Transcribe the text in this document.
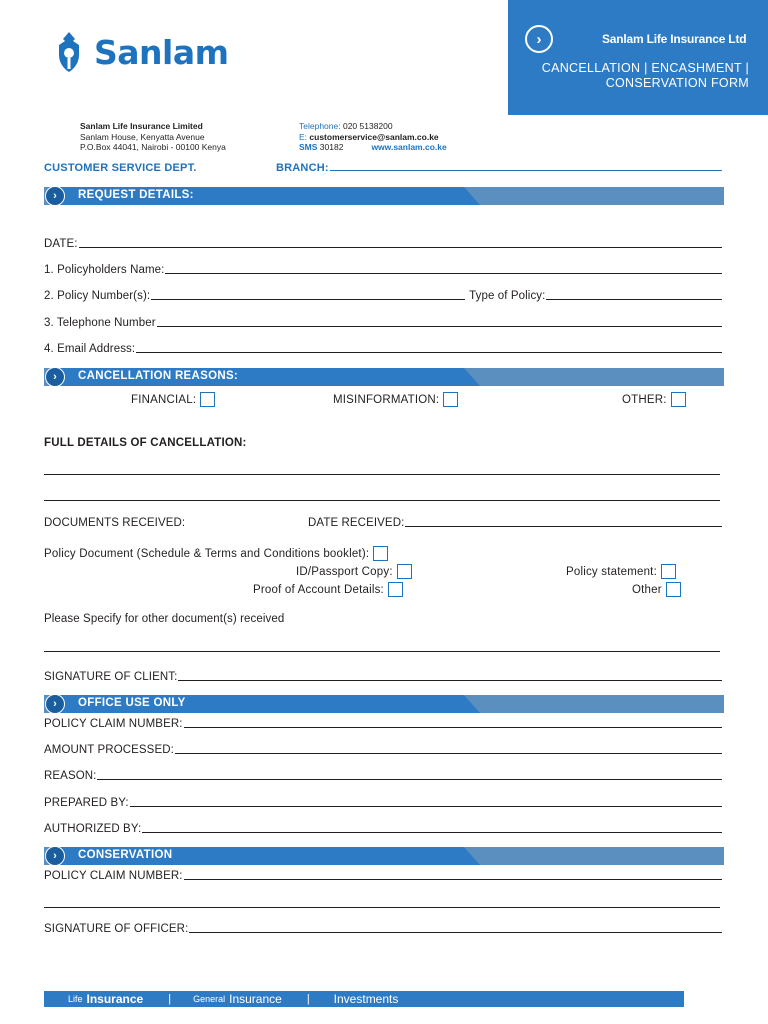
Sanlam	›	Sanlam Life Insurance Ltd
CANCELLATION | ENCASHMENT |
CONSERVATION FORM
Sanlam Life Insurance Limited
Sanlam House, Kenyatta Avenue
P.O.Box 44041, Nairobi - 00100 Kenya
Telephone: 020 5138200
E: customerservice@sanlam.co.ke
SMS 30182	www.sanlam.co.ke
CUSTOMER SERVICE DEPT.	BRANCH:
›	REQUEST DETAILS:
DATE:
1. Policyholders Name:
2. Policy Number(s):	Type of Policy:
3. Telephone Number
4. Email Address:
›	CANCELLATION REASONS:
FINANCIAL:	MISINFORMATION:	OTHER:
FULL DETAILS OF CANCELLATION:
DOCUMENTS RECEIVED:	DATE RECEIVED:
Policy Document (Schedule & Terms and Conditions booklet):
ID/Passport Copy:	Policy statement:
Proof of Account Details:	Other
Please Specify for other document(s) received
SIGNATURE OF CLIENT:
›	OFFICE USE ONLY
POLICY CLAIM NUMBER:
AMOUNT PROCESSED:
REASON:
PREPARED BY:
AUTHORIZED BY:
›	CONSERVATION
POLICY CLAIM NUMBER:
SIGNATURE OF OFFICER:
Life Insurance | General Insurance | Investments
